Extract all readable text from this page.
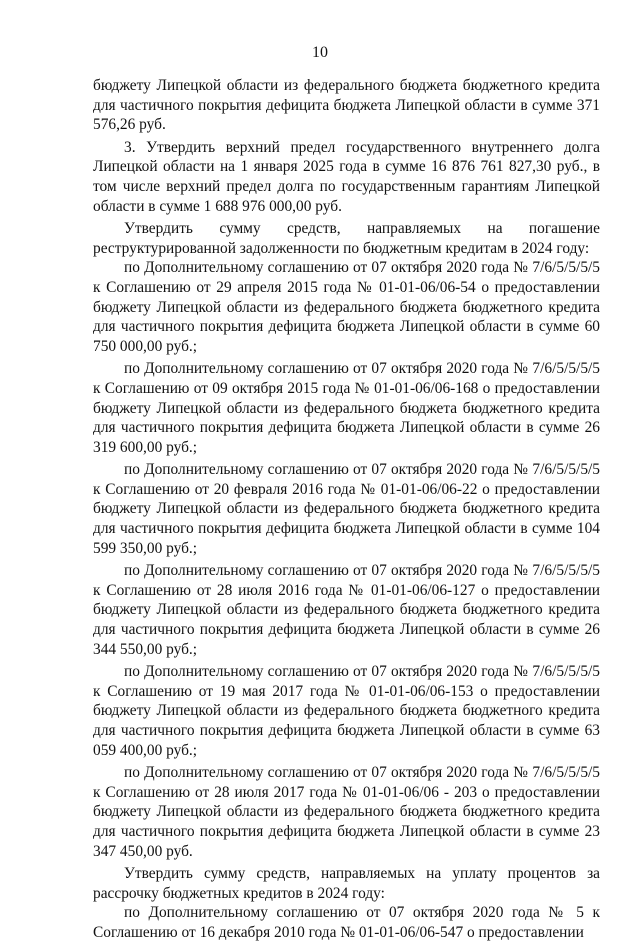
10

бюджету Липецкой области из федерального бюджета бюджетного кредита для частичного покрытия дефицита бюджета Липецкой области в сумме 371 576,26 руб.

3. Утвердить верхний предел государственного внутреннего долга Липецкой области на 1 января 2025 года в сумме 16 876 761 827,30 руб., в том числе верхний предел долга по государственным гарантиям Липецкой области в сумме 1 688 976 000,00 руб.

Утвердить сумму средств, направляемых на погашение реструктурированной задолженности по бюджетным кредитам в 2024 году:

по Дополнительному соглашению от 07 октября 2020 года № 7/6/5/5/5/5 к Соглашению от 29 апреля 2015 года № 01-01-06/06-54 о предоставлении бюджету Липецкой области из федерального бюджета бюджетного кредита для частичного покрытия дефицита бюджета Липецкой области в сумме 60 750 000,00 руб.;

по Дополнительному соглашению от 07 октября 2020 года № 7/6/5/5/5/5 к Соглашению от 09 октября 2015 года № 01-01-06/06-168 о предоставлении бюджету Липецкой области из федерального бюджета бюджетного кредита для частичного покрытия дефицита бюджета Липецкой области в сумме 26 319 600,00 руб.;

по Дополнительному соглашению от 07 октября 2020 года № 7/6/5/5/5/5 к Соглашению от 20 февраля 2016 года № 01-01-06/06-22 о предоставлении бюджету Липецкой области из федерального бюджета бюджетного кредита для частичного покрытия дефицита бюджета Липецкой области в сумме 104 599 350,00 руб.;

по Дополнительному соглашению от 07 октября 2020 года № 7/6/5/5/5/5 к Соглашению от 28 июля 2016 года № 01-01-06/06-127 о предоставлении бюджету Липецкой области из федерального бюджета бюджетного кредита для частичного покрытия дефицита бюджета Липецкой области в сумме 26 344 550,00 руб.;

по Дополнительному соглашению от 07 октября 2020 года № 7/6/5/5/5/5 к Соглашению от 19 мая 2017 года № 01-01-06/06-153 о предоставлении бюджету Липецкой области из федерального бюджета бюджетного кредита для частичного покрытия дефицита бюджета Липецкой области в сумме 63 059 400,00 руб.;

по Дополнительному соглашению от 07 октября 2020 года № 7/6/5/5/5/5 к Соглашению от 28 июля 2017 года № 01-01-06/06 - 203 о предоставлении бюджету Липецкой области из федерального бюджета бюджетного кредита для частичного покрытия дефицита бюджета Липецкой области в сумме 23 347 450,00 руб.

Утвердить сумму средств, направляемых на уплату процентов за рассрочку бюджетных кредитов в 2024 году:

по Дополнительному соглашению от 07 октября 2020 года № 5 к Соглашению от 16 декабря 2010 года № 01-01-06/06-547 о предоставлении
